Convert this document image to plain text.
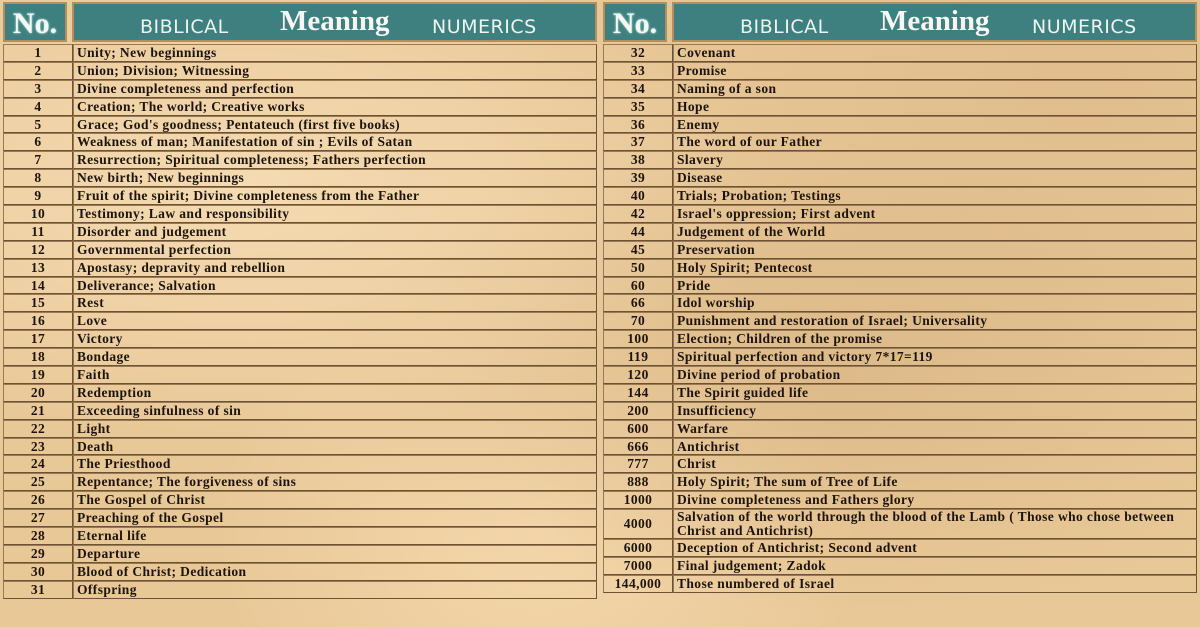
No.	BIBLICAL Meaning NUMERICS
1	Unity; New beginnings
2	Union; Division; Witnessing
3	Divine completeness and perfection
4	Creation; The world; Creative works
5	Grace; God's goodness; Pentateuch (first five books)
6	Weakness of man; Manifestation of sin ; Evils of Satan
7	Resurrection; Spiritual completeness; Fathers perfection
8	New birth; New beginnings
9	Fruit of the spirit; Divine completeness from the Father
10	Testimony; Law and responsibility
11	Disorder and judgement
12	Governmental perfection
13	Apostasy; depravity and rebellion
14	Deliverance; Salvation
15	Rest
16	Love
17	Victory
18	Bondage
19	Faith
20	Redemption
21	Exceeding sinfulness of sin
22	Light
23	Death
24	The Priesthood
25	Repentance; The forgiveness of sins
26	The Gospel of Christ
27	Preaching of the Gospel
28	Eternal life
29	Departure
30	Blood of Christ; Dedication
31	Offspring
No.	BIBLICAL Meaning NUMERICS
32	Covenant
33	Promise
34	Naming of a son
35	Hope
36	Enemy
37	The word of our Father
38	Slavery
39	Disease
40	Trials; Probation; Testings
42	Israel's oppression; First advent
44	Judgement of the World
45	Preservation
50	Holy Spirit; Pentecost
60	Pride
66	Idol worship
70	Punishment and restoration of Israel; Universality
100	Election; Children of the promise
119	Spiritual perfection and victory 7*17=119
120	Divine period of probation
144	The Spirit guided life
200	Insufficiency
600	Warfare
666	Antichrist
777	Christ
888	Holy Spirit; The sum of Tree of Life
1000	Divine completeness and Fathers glory
4000	Salvation of the world through the blood of the Lamb ( Those who chose between Christ and Antichrist)
6000	Deception of Antichrist; Second advent
7000	Final judgement; Zadok
144,000	Those numbered of Israel
